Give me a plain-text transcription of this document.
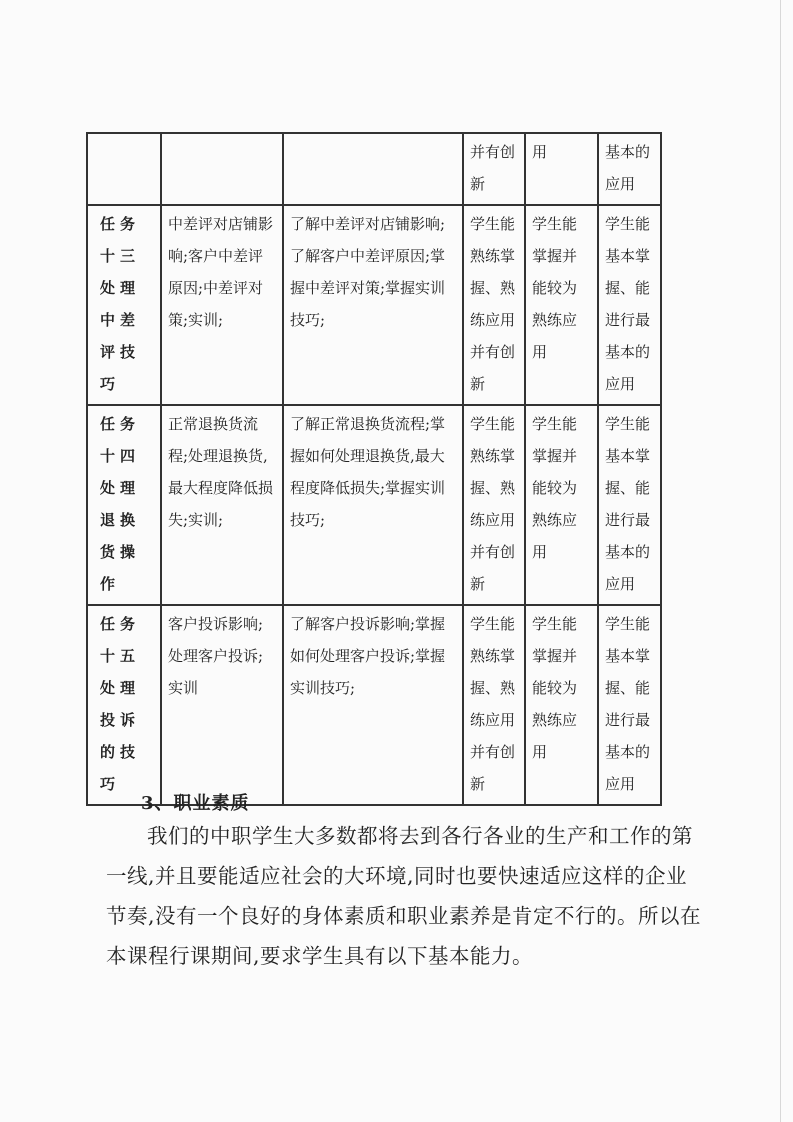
			并有创新	用	基本的应用
任务十三 处理中差评技巧	中差评对店铺影响;客户中差评原因;中差评对策;实训;	了解中差评对店铺影响;了解客户中差评原因;掌握中差评对策;掌握实训技巧;	学生能熟练掌握、熟练应用并有创新	学生能掌握并能较为熟练应用	学生能基本掌握、能进行最基本的应用
任务十四 处理退换货操作	正常退换货流程;处理退换货,最大程度降低损失;实训;	了解正常退换货流程;掌握如何处理退换货,最大程度降低损失;掌握实训技巧;	学生能熟练掌握、熟练应用并有创新	学生能掌握并能较为熟练应用	学生能基本掌握、能进行最基本的应用
任务十五 处理投诉的技巧	客户投诉影响;处理客户投诉;实训	了解客户投诉影响;掌握如何处理客户投诉;掌握实训技巧;	学生能熟练掌握、熟练应用并有创新	学生能掌握并能较为熟练应用	学生能基本掌握、能进行最基本的应用
3、职业素质

我们的中职学生大多数都将去到各行各业的生产和工作的第一线,并且要能适应社会的大环境,同时也要快速适应这样的企业节奏,没有一个良好的身体素质和职业素养是肯定不行的。所以在本课程行课期间,要求学生具有以下基本能力。
